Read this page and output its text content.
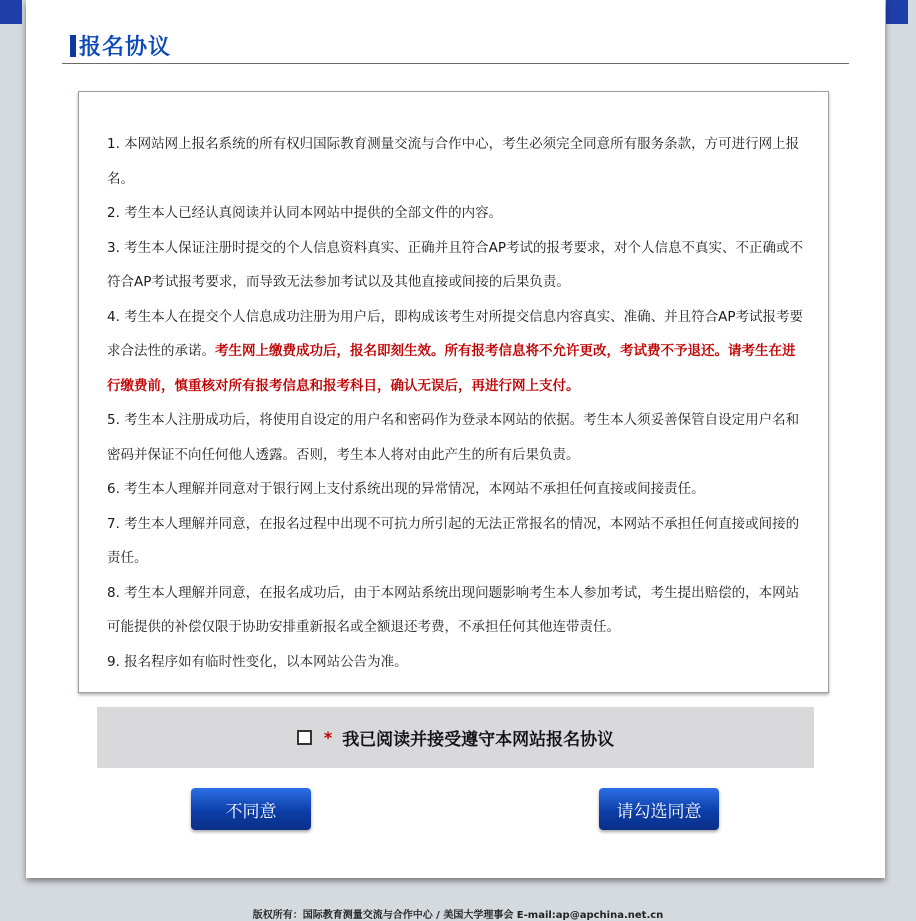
报名协议

1. 本网站网上报名系统的所有权归国际教育测量交流与合作中心，考生必须完全同意所有服务条款，方可进行网上报名。
2. 考生本人已经认真阅读并认同本网站中提供的全部文件的内容。
3. 考生本人保证注册时提交的个人信息资料真实、正确并且符合AP考试的报考要求，对个人信息不真实、不正确或不符合AP考试报考要求，而导致无法参加考试以及其他直接或间接的后果负责。
4. 考生本人在提交个人信息成功注册为用户后，即构成该考生对所提交信息内容真实、准确、并且符合AP考试报考要求合法性的承诺。考生网上缴费成功后，报名即刻生效。所有报考信息将不允许更改，考试费不予退还。请考生在进行缴费前，慎重核对所有报考信息和报考科目，确认无误后，再进行网上支付。
5. 考生本人注册成功后，将使用自设定的用户名和密码作为登录本网站的依据。考生本人须妥善保管自设定用户名和密码并保证不向任何他人透露。否则，考生本人将对由此产生的所有后果负责。
6. 考生本人理解并同意对于银行网上支付系统出现的异常情况，本网站不承担任何直接或间接责任。
7. 考生本人理解并同意，在报名过程中出现不可抗力所引起的无法正常报名的情况，本网站不承担任何直接或间接的责任。
8. 考生本人理解并同意，在报名成功后，由于本网站系统出现问题影响考生本人参加考试，考生提出赔偿的，本网站可能提供的补偿仅限于协助安排重新报名或全额退还考费，不承担任何其他连带责任。
9. 报名程序如有临时性变化，以本网站公告为准。

* 我已阅读并接受遵守本网站报名协议
不同意	请勾选同意
版权所有：国际教育测量交流与合作中心 / 美国大学理事会 E-mail:ap@apchina.net.cn
